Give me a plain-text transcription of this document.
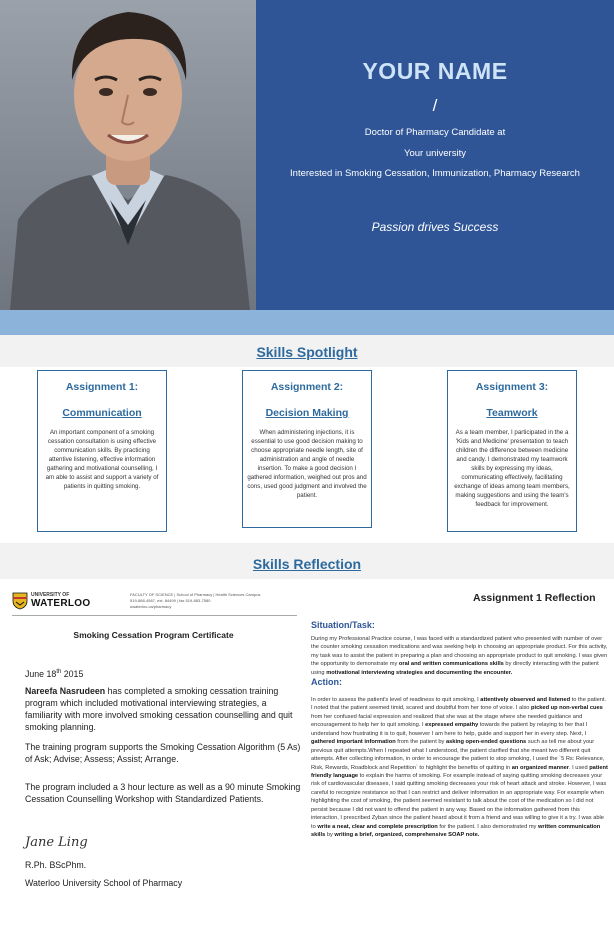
YOUR NAME
/
Doctor of Pharmacy Candidate at
Your university
Interested in Smoking Cessation, Immunization, Pharmacy Research
Passion drives Success
Skills Spotlight
Assignment 1:
Communication
An important component of a smoking cessation consultation is using effective communication skills. By practicing attentive listening, effective information gathering and motivational counselling, I am able to assist and support a variety of patients in quitting smoking.
Assignment 2:
Decision Making
When administering injections, it is essential to use good decision making to choose appropriate needle length, site of administration and angle of needle insertion. To make a good decision I gathered information, weighed out pros and cons, used good judgment and involved the patient.
Assignment 3:
Teamwork
As a team member, I participated in the a 'Kids and Medicine' presentation to teach children the difference between medicine and candy. I demonstrated my teamwork skills by expressing my ideas, communicating effectively, facilitating exchange of ideas among team members, making suggestions and using the team's feedback for improvement.
Skills Reflection
UNIVERSITY OF
WATERLOO
FACULTY OF SCIENCE | School of Pharmacy | Health Sciences Campus
519-888-4567, ext. 84499 | fax 519-883-7580
uwaterloo.ca/pharmacy
Smoking Cessation Program Certificate
June 18th 2015
Nareefa Nasrudeen has completed a smoking cessation training program which included motivational interviewing strategies, a familiarity with more involved smoking cessation counselling and quit smoking planning.
The training program supports the Smoking Cessation Algorithm (5 As) of Ask; Advise; Assess; Assist; Arrange.
The program included a 3 hour lecture as well as a 90 minute Smoking Cessation Counselling Workshop with Standardized Patients.
Jane Ling
R.Ph. BScPhm.
Waterloo University School of Pharmacy
Assignment 1 Reflection
Situation/Task:
During my Professional Practice course, I was faced with a standardized patient who presented with number of over the counter smoking cessation medications and was seeking help in choosing an appropriate product. For this activity, my task was to assist the patient in preparing a plan and choosing an appropriate product to quit smoking. I was given the opportunity to demonstrate my oral and written communications skills by directly interacting with the patient using motivational interviewing strategies and documenting the encounter.
Action:
In order to assess the patient's level of readiness to quit smoking, I attentively observed and listened to the patient. I noted that the patient seemed timid, scared and doubtful from her tone of voice. I also picked up non-verbal cues from her confused facial expression and realized that she was at the stage where she needed guidance and encouragement to help her to quit smoking. I expressed empathy towards the patient by relaying to her that I understand how frustrating it is to quit, however I am here to help, guide and support her in every step. Next, I gathered important information from the patient by asking open-ended questions such as tell me about your previous quit attempts.When I repeated what I understood, the patient clarified that she meant two different quit attempts. After collecting information, in order to encourage the patient to stop smoking, I used the `5 Rs: Relevance, Risk, Rewards, Roadblock and Repetition` to highlight the benefits of quitting in an organized manner. I used patient friendly language to explain the harms of smoking. For example instead of saying quitting smoking decreases your risk of cardiovascular diseases, I said quitting smoking decreases your risk of heart attack and stroke. However, I was careful to recognize resistance so that I can restrict and deliver information in an appropriate way. For example when highlighting the cost of smoking, the patient seemed resistant to talk about the cost of the medication so I did not persist because I did not want to offend the patient in any way. Based on the information gathered from this interaction, I prescribed Zyban since the patient heard about it from a friend and was willing to give it a try. I was able to write a neat, clear and complete prescription for the patient. I also demonstrated my written communication skills by writing a brief, organized, comprehensive SOAP note.
